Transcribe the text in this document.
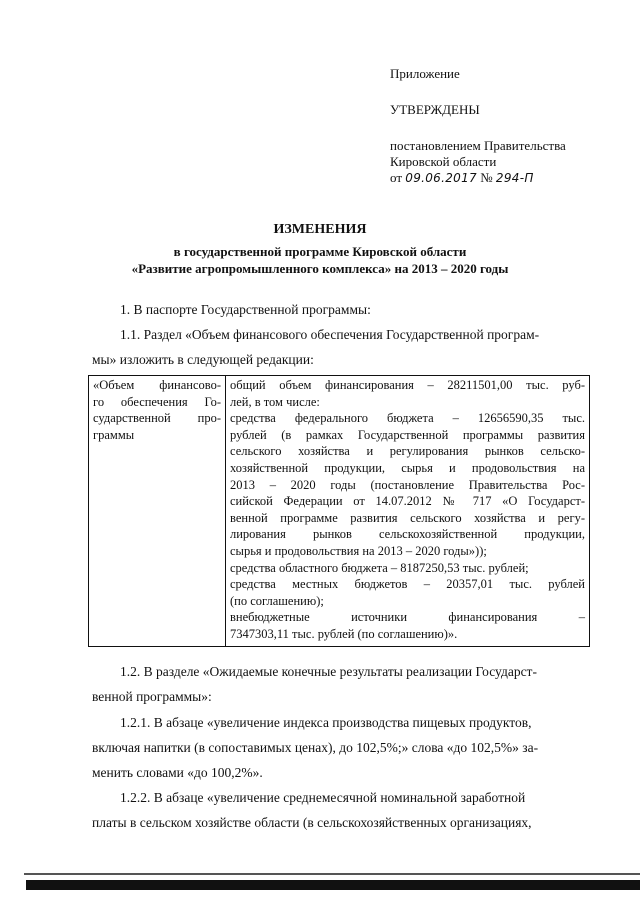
Приложение

УТВЕРЖДЕНЫ

постановлением Правительства

Кировской области

от 09.06.2017 № 294-П

ИЗМЕНЕНИЯ
в государственной программе Кировской области
«Развитие агропромышленного комплекса» на 2013 – 2020 годы
1. В паспорте Государственной программы:
1.1. Раздел «Объем финансового обеспечения Государственной програм-
мы» изложить в следующей редакции:
«Объем финансово-
го обеспечения Го-
сударственной про-
граммы

общий объем финансирования – 28211501,00 тыс. руб-
лей, в том числе:
средства федерального бюджета – 12656590,35 тыс.
рублей (в рамках Государственной программы развития
сельского хозяйства и регулирования рынков сельско-
хозяйственной продукции, сырья и продовольствия на
2013 – 2020 годы (постановление Правительства Рос-
сийской Федерации от 14.07.2012 № 717 «О Государст-
венной программе развития сельского хозяйства и регу-
лирования рынков сельскохозяйственной продукции,
сырья и продовольствия на 2013 – 2020 годы»));
средства областного бюджета – 8187250,53 тыс. рублей;
средства местных бюджетов – 20357,01 тыс. рублей
(по соглашению);
внебюджетные источники финансирования –
7347303,11 тыс. рублей (по соглашению)».
1.2. В разделе «Ожидаемые конечные результаты реализации Государст-
венной программы»:
1.2.1. В абзаце «увеличение индекса производства пищевых продуктов,
включая напитки (в сопоставимых ценах), до 102,5%;» слова «до 102,5%» за-
менить словами «до 100,2%».
1.2.2. В абзаце «увеличение среднемесячной номинальной заработной
платы в сельском хозяйстве области (в сельскохозяйственных организациях,
